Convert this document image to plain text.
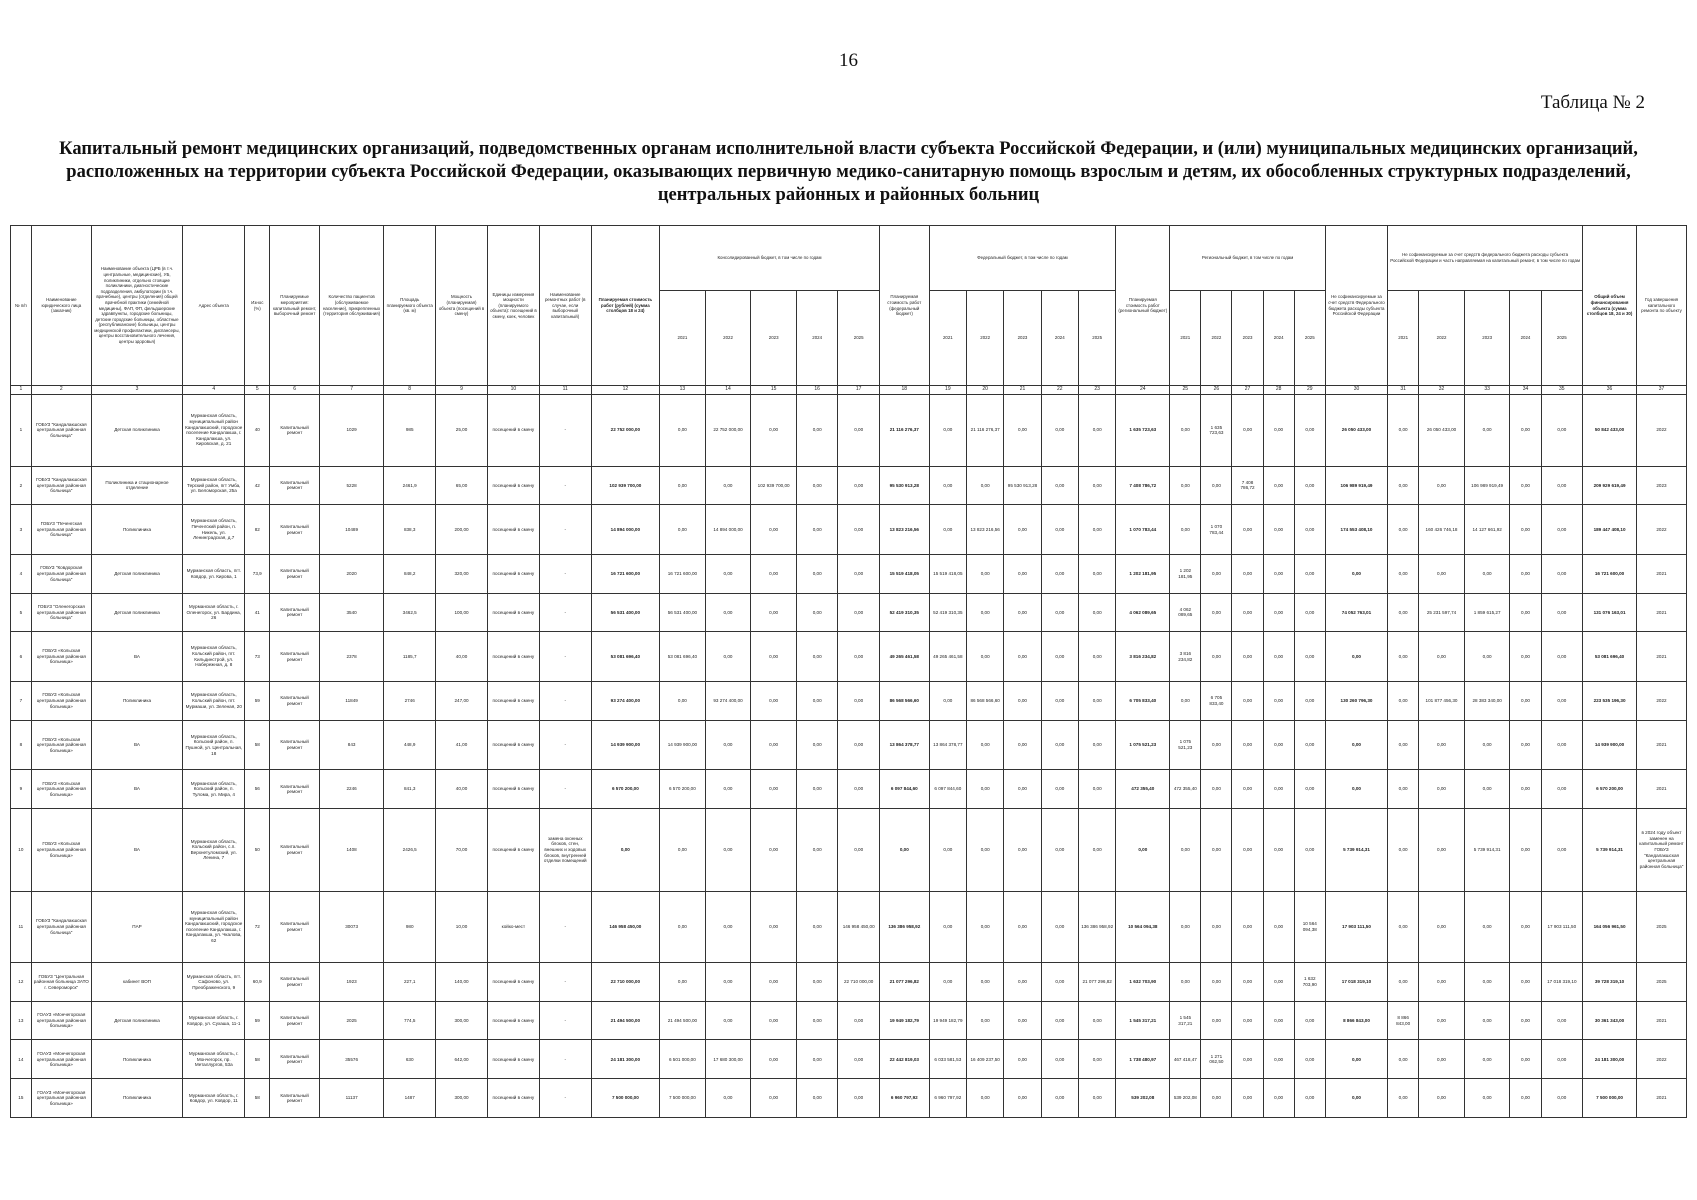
16
Таблица № 2
Капитальный ремонт медицинских организаций, подведомственных органам исполнительной власти субъекта Российской Федерации, и (или) муниципальных медицинских организаций, расположенных на территории субъекта Российской Федерации, оказывающих первичную медико-санитарную помощь взрослым и детям, их обособленных структурных подразделений, центральных районных и районных больниц
№ п/п	Наименование юридического лица (заказчик)	Наименование объекта (ЦРБ (в т.ч. центральные, медицинские), УБ, поликлиники, отдельно стоящие поликлиники, диагностические подразделения, амбулатории (в т.ч. врачебные), центры (отделения) общей врачебной практики (семейной медицины), ФАП, ФП, фельдшерские здравпункты, городские больницы, детские городские больницы, областные (республиканские) больницы, центры медицинской профилактики, диспансеры, центры восстановительного лечения, центры здоровья)	Адрес объекта	Износ (%)	Планируемые мероприятия: капитальный ремонт, выборочный ремонт	Количество пациентов (обслуживаемое население), прикрепленных (территория обслуживания)	Площадь планируемого объекта (кв. м)	Мощность (планируемая) объекта (посещений в смену)	Единицы измерения мощности (планируемого объекта): посещений в смену, коек, человек	Наименование ремонтных работ (в случае, если выборочный капитальный)	Планируемая стоимость работ (рублей) (сумма столбцов 18 и 24)	Консолидированный бюджет, в том числе по годам					Планируемая стоимость работ (федеральный бюджет)	Федеральный бюджет, в том числе по годам					Планируемая стоимость работ (региональный бюджет)	Региональный бюджет, в том числе по годам					Не софинансируемые за счет средств Федерального бюджета расходы субъекта Российской Федерации	Не софинансируемые за счет средств федерального бюджета расходы субъекта Российской Федерации и часть направляемая на капитальный ремонт, в том числе по годам					Общий объем финансирования объекта (сумма столбцов 18, 24 и 30)	Год завершения капитального ремонта по объекту
												2021	2022	2023	2024	2025		2021	2022	2023	2024	2025		2021	2022	2023	2024	2025		2021	2022	2023	2024	2025		
1	2	3	4	5	6	7	8	9	10	11	12	13	14	15	16	17	18	19	20	21	22	23	24	25	26	27	28	29	30	31	32	33	34	35	36	37
1	ГОБУЗ "Кандалакшская центральная районная больница"	Детская поликлиника	Мурманская область, муниципальный район Кандалакшский, городское поселение Кандалакша, г. Кандалакша, ул. Кировская, д. 21	40	Капитальный ремонт	1029	985	25,00	посещений в смену	-	22 752 000,00	0,00	22 752 000,00	0,00	0,00	0,00	21 116 276,37	0,00	21 116 276,37	0,00	0,00	0,00	1 635 723,63	0,00	1 635 723,63	0,00	0,00	0,00	26 050 433,00	0,00	26 050 433,00	0,00	0,00	0,00	50 842 433,00	2022
2	ГОБУЗ "Кандалакшская центральная районная больница"	Поликлиника и стационарное отделение	Мурманская область, Терский район, пгт Умба, ул. Беломорская, 25а	42	Капитальный ремонт	5228	2461,9	65,00	посещений в смену	-	102 939 700,00	0,00	0,00	102 939 700,00	0,00	0,00	95 530 913,28	0,00	0,00	95 530 913,28	0,00	0,00	7 408 786,72	0,00	0,00	7 408 786,72	0,00	0,00	106 989 919,49	0,00	0,00	106 989 919,49	0,00	0,00	209 929 619,49	2023
3	ГОБУЗ "Печенгская центральная районная больница"	Поликлиника	Мурманская область, Печенгский район, п. Никель, ул. Ленинградская, д.7	82	Капитальный ремонт	10489	838,3	200,00	посещений в смену	-	14 894 000,00	0,00	14 894 000,00	0,00	0,00	0,00	13 823 216,56	0,00	13 823 216,56	0,00	0,00	0,00	1 070 783,44	0,00	1 070 783,44	0,00	0,00	0,00	174 553 408,10	0,00	160 426 746,18	14 127 661,92	0,00	0,00	189 447 408,10	2022
4	ГОБУЗ "Ковдорская центральная районная больница"	Детская поликлиника	Мурманская область, пгт. Ковдор, ул. Кирова, 1	73,9	Капитальный ремонт	2020	848,2	320,00	посещений в смену	-	16 721 600,00	16 721 600,00	0,00	0,00	0,00	0,00	15 519 418,05	15 519 418,05	0,00	0,00	0,00	0,00	1 202 181,95	1 202 181,95	0,00	0,00	0,00	0,00	0,00	0,00	0,00	0,00	0,00	0,00	16 721 600,00	2021
5	ГОБУЗ "Оленегорская центральная районная больница"	Детская поликлиника	Мурманская область, г. Оленегорск, ул. Бардина, 26	41	Капитальный ремонт	3540	3462,5	100,00	посещений в смену	-	56 531 400,00	56 531 400,00	0,00	0,00	0,00	0,00	52 419 310,35	52 419 310,35	0,00	0,00	0,00	0,00	4 062 089,65	4 062 089,65	0,00	0,00	0,00	0,00	74 052 763,01	0,00	25 231 597,74	1 859 615,27	0,00	0,00	131 076 163,01	2021
6	ГОБУЗ «Кольская центральная районная больница»	ВА	Мурманская область, Кольский район, пгт. Кильдинстрой, ул. Набережная, д. 8	73	Капитальный ремонт	2378	1185,7	40,00	посещений в смену	-	53 081 696,40	53 081 696,40	0,00	0,00	0,00	0,00	49 265 461,58	49 265 461,58	0,00	0,00	0,00	0,00	3 816 234,82	3 816 234,82	0,00	0,00	0,00	0,00	0,00	0,00	0,00	0,00	0,00	0,00	53 081 696,40	2021
7	ГОБУЗ «Кольская центральная районная больница»	Поликлиника	Мурманская область, Кольский район, пгт. Мурмаши, ул. Зеленая, 20	59	Капитальный ремонт	11849	2746	247,00	посещений в смену	-	93 274 400,00	0,00	93 274 400,00	0,00	0,00	0,00	86 568 566,60	0,00	86 568 566,60	0,00	0,00	0,00	6 705 833,40	0,00	6 705 833,40	0,00	0,00	0,00	130 260 796,30	0,00	101 877 456,30	28 383 340,00	0,00	0,00	223 535 196,30	2022
8	ГОБУЗ «Кольская центральная районная больница»	ВА	Мурманская область, Кольский район, п. Пушной, ул. Центральная, 18	58	Капитальный ремонт	843	448,9	41,00	посещений в смену	-	14 939 900,00	14 939 900,00	0,00	0,00	0,00	0,00	13 864 378,77	13 864 378,77	0,00	0,00	0,00	0,00	1 075 521,23	1 075 521,23	0,00	0,00	0,00	0,00	0,00	0,00	0,00	0,00	0,00	0,00	14 939 900,00	2021
9	ГОБУЗ «Кольская центральная районная больница»	ВА	Мурманская область, Кольский район, п. Тулома, ул. Мира, 4	56	Капитальный ремонт	2246	841,3	40,00	посещений в смену	-	6 570 200,00	6 570 200,00	0,00	0,00	0,00	0,00	6 097 844,60	6 097 844,60	0,00	0,00	0,00	0,00	472 355,40	472 355,40	0,00	0,00	0,00	0,00	0,00	0,00	0,00	0,00	0,00	0,00	6 570 200,00	2021
10	ГОБУЗ «Кольская центральная районная больница»	ВА	Мурманская область, Кольский район, с.п. Верхнетуломский, ул. Ленина, 7	50	Капитальный ремонт	1408	2426,5	70,00	посещений в смену	замена оконных блоков, стен, внешних и ходовых блоков, внутренней отделки помещений	0,00	0,00	0,00	0,00	0,00	0,00	0,00	0,00	0,00	0,00	0,00	0,00	0,00	0,00	0,00	0,00	0,00	0,00	5 739 914,31	0,00	0,00	5 739 914,31	0,00	0,00	5 739 914,31	в 2024 году объект заменен на капитальный ремонт ГОБУЗ "Кандалакшская центральная районная больница"
11	ГОБУЗ "Кандалакшская центральная районная больница"	ПАР	Мурманская область, муниципальный район Кандалакшский, городское поселение Кандалакша, г. Кандалакша, ул. Чкалова, 62	72	Капитальный ремонт	30073	980	10,00	койко-мест	-	146 958 450,00	0,00	0,00	0,00	0,00	146 958 450,00	136 386 958,92	0,00	0,00	0,00	0,00	136 386 958,92	10 564 094,38	0,00	0,00	0,00	0,00	10 564 094,38	17 903 111,50	0,00	0,00	0,00	0,00	17 903 111,50	164 056 961,50	2025
12	ГОБУЗ "Центральная районная больница ЗАТО г. Североморск"	кабинет ВОП	Мурманская область, пгт. Сафоново, ул. Преображенского, 9	60,9	Капитальный ремонт	1923	227,1	140,00	посещений в смену	-	22 710 000,00	0,00	0,00	0,00	0,00	22 710 000,00	21 077 296,82	0,00	0,00	0,00	0,00	21 077 296,82	1 632 703,90	0,00	0,00	0,00	0,00	1 632 703,90	17 018 319,10	0,00	0,00	0,00	0,00	17 018 319,10	39 728 319,10	2025
13	ГОАУЗ «Мончегорская центральная районная больница»	Детская поликлиника	Мурманская область, г. Ковдор, ул. Сухаша, 11-1	59	Капитальный ремонт	2025	774,5	300,00	посещений в смену	-	21 494 500,00	21 494 500,00	0,00	0,00	0,00	0,00	19 949 182,79	19 949 182,79	0,00	0,00	0,00	0,00	1 545 317,21	1 545 317,21	0,00	0,00	0,00	0,00	8 866 843,00	8 866 843,00	0,00	0,00	0,00	0,00	30 361 343,00	2021
14	ГОАУЗ «Мончегорская центральная районная больница»	Поликлиника	Мурманская область, г. Мончегорск, пр. Металлургов, 53а	58	Капитальный ремонт	35576	630	642,00	посещений в смену	-	24 181 300,00	6 501 000,00	17 680 300,00	0,00	0,00	0,00	22 442 819,03	6 033 581,53	16 409 237,50	0,00	0,00	0,00	1 738 480,97	467 418,47	1 271 062,50	0,00	0,00	0,00	0,00	0,00	0,00	0,00	0,00	0,00	24 181 300,00	2022
15	ГОАУЗ «Мончегорская центральная районная больница»	Поликлиника	Мурманская область, г. Ковдор, ул. Ковдор, 11	58	Капитальный ремонт	11137	1487	300,00	посещений в смену	-	7 500 000,00	7 500 000,00	0,00	0,00	0,00	0,00	6 960 797,92	6 960 797,92	0,00	0,00	0,00	0,00	539 202,08	539 202,08	0,00	0,00	0,00	0,00	0,00	0,00	0,00	0,00	0,00	0,00	7 500 000,00	2021
